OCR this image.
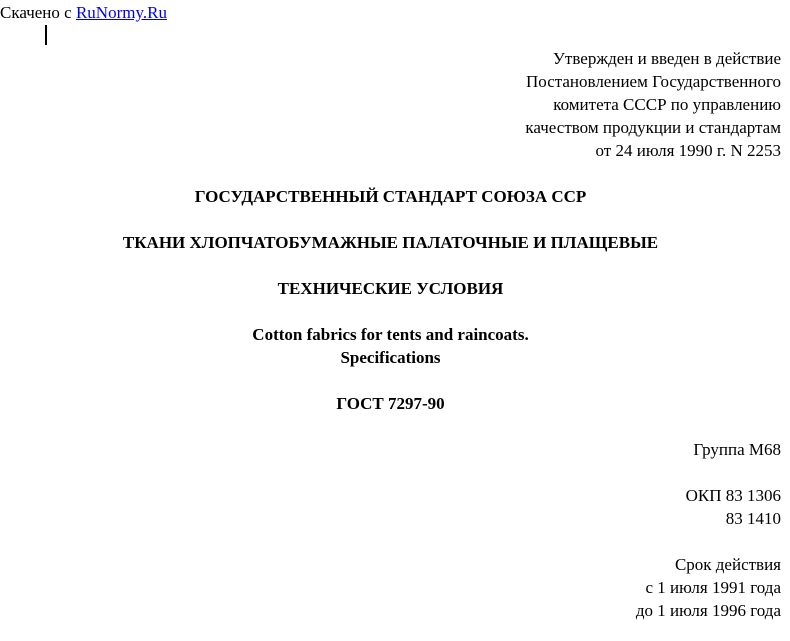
Скачено с RuNormy.Ru
Утвержден и введен в действие
Постановлением Государственного
комитета СССР по управлению
качеством продукции и стандартам
от 24 июля 1990 г. N 2253
ГОСУДАРСТВЕННЫЙ СТАНДАРТ СОЮЗА ССР
ТКАНИ ХЛОПЧАТОБУМАЖНЫЕ ПАЛАТОЧНЫЕ И ПЛАЩЕВЫЕ
ТЕХНИЧЕСКИЕ УСЛОВИЯ
Cotton fabrics for tents and raincoats.
Specifications
ГОСТ 7297-90
Группа М68
ОКП 83 1306
83 1410
Срок действия
с 1 июля 1991 года
до 1 июля 1996 года
